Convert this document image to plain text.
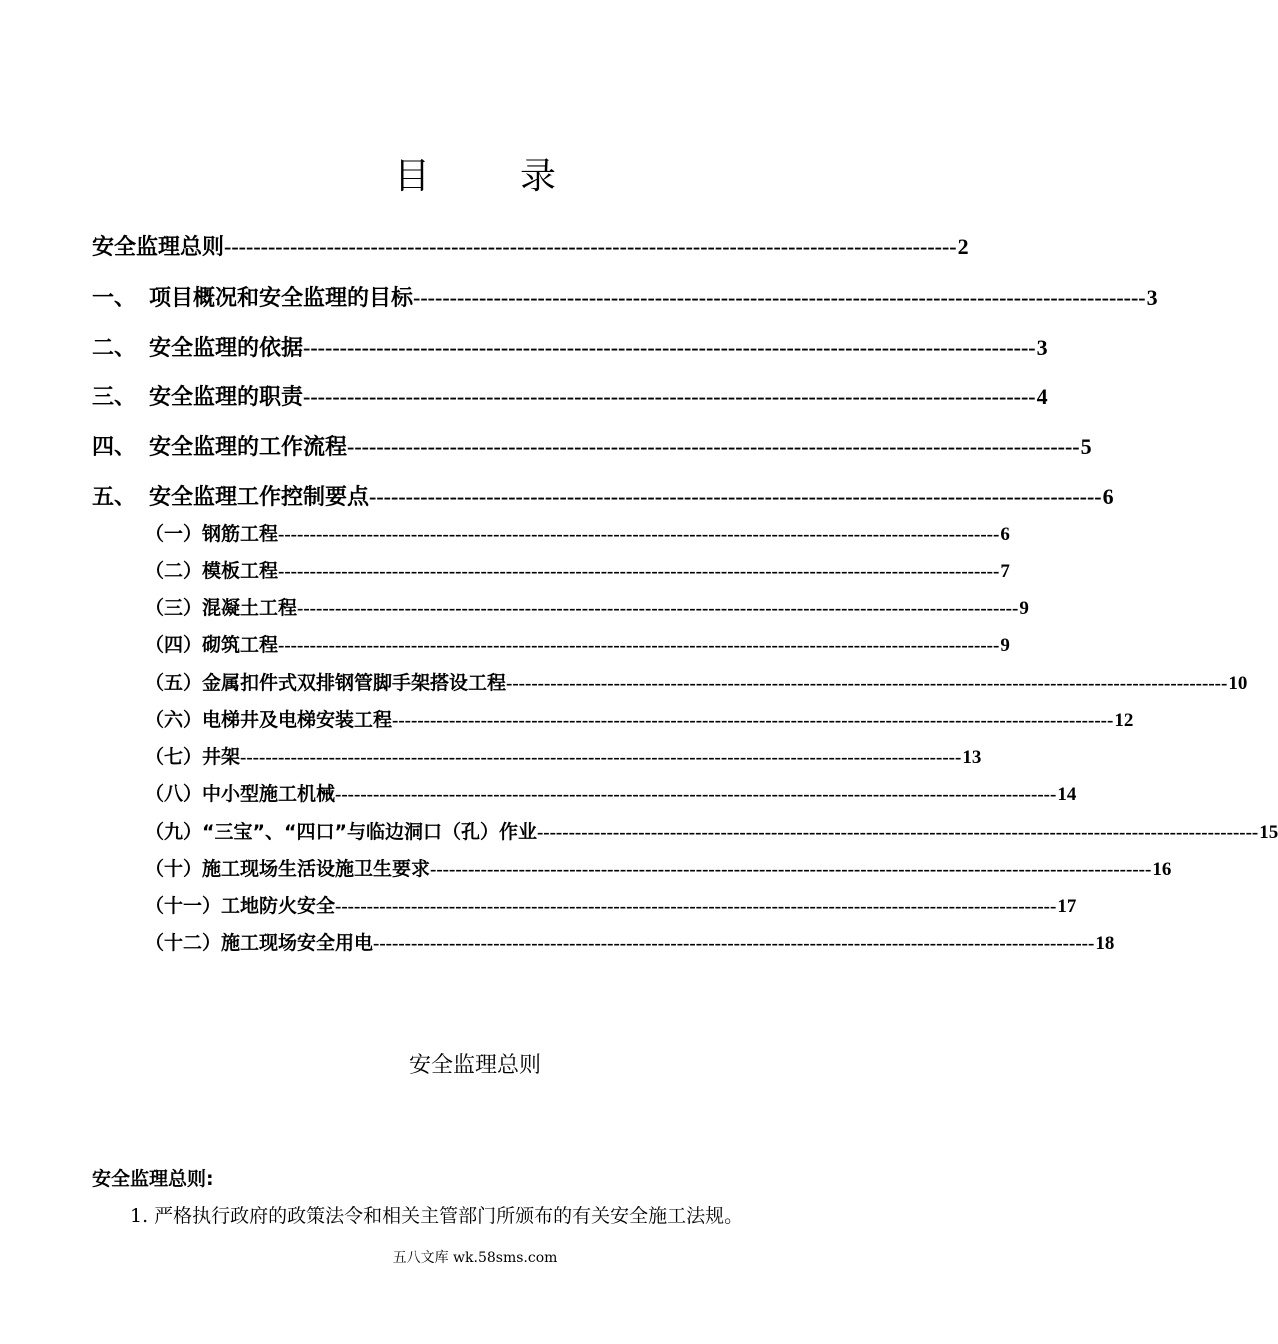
目	录
安全监理总则 ---------------------------------------------------------------------------------------------------- 2
一、 项目概况和安全监理的目标 ---------------------------------------------------------------------------------------------------- 3
二、 安全监理的依据 ---------------------------------------------------------------------------------------------------- 3
三、 安全监理的职责 ---------------------------------------------------------------------------------------------------- 4
四、 安全监理的工作流程 ---------------------------------------------------------------------------------------------------- 5
五、 安全监理工作控制要点 ---------------------------------------------------------------------------------------------------- 6
（一）钢筋工程 ------------------------------------------------------------------------------------------------------------------ 6
（二）模板工程 ------------------------------------------------------------------------------------------------------------------ 7
（三）混凝土工程 ------------------------------------------------------------------------------------------------------------------ 9
（四）砌筑工程 ------------------------------------------------------------------------------------------------------------------ 9
（五）金属扣件式双排钢管脚手架搭设工程 ------------------------------------------------------------------------------------------------------------------ 10
（六）电梯井及电梯安装工程 ------------------------------------------------------------------------------------------------------------------ 12
（七）井架 ------------------------------------------------------------------------------------------------------------------ 13
（八）中小型施工机械 ------------------------------------------------------------------------------------------------------------------ 14
（九）“三宝”、“四口”与临边洞口（孔）作业 ------------------------------------------------------------------------------------------------------------------ 15
（十）施工现场生活设施卫生要求 ------------------------------------------------------------------------------------------------------------------ 16
（十一）工地防火安全 ------------------------------------------------------------------------------------------------------------------ 17
（十二）施工现场安全用电 ------------------------------------------------------------------------------------------------------------------ 18
安全监理总则
安全监理总则:
1. 严格执行政府的政策法令和相关主管部门所颁布的有关安全施工法规。
五八文库 wk.58sms.com
